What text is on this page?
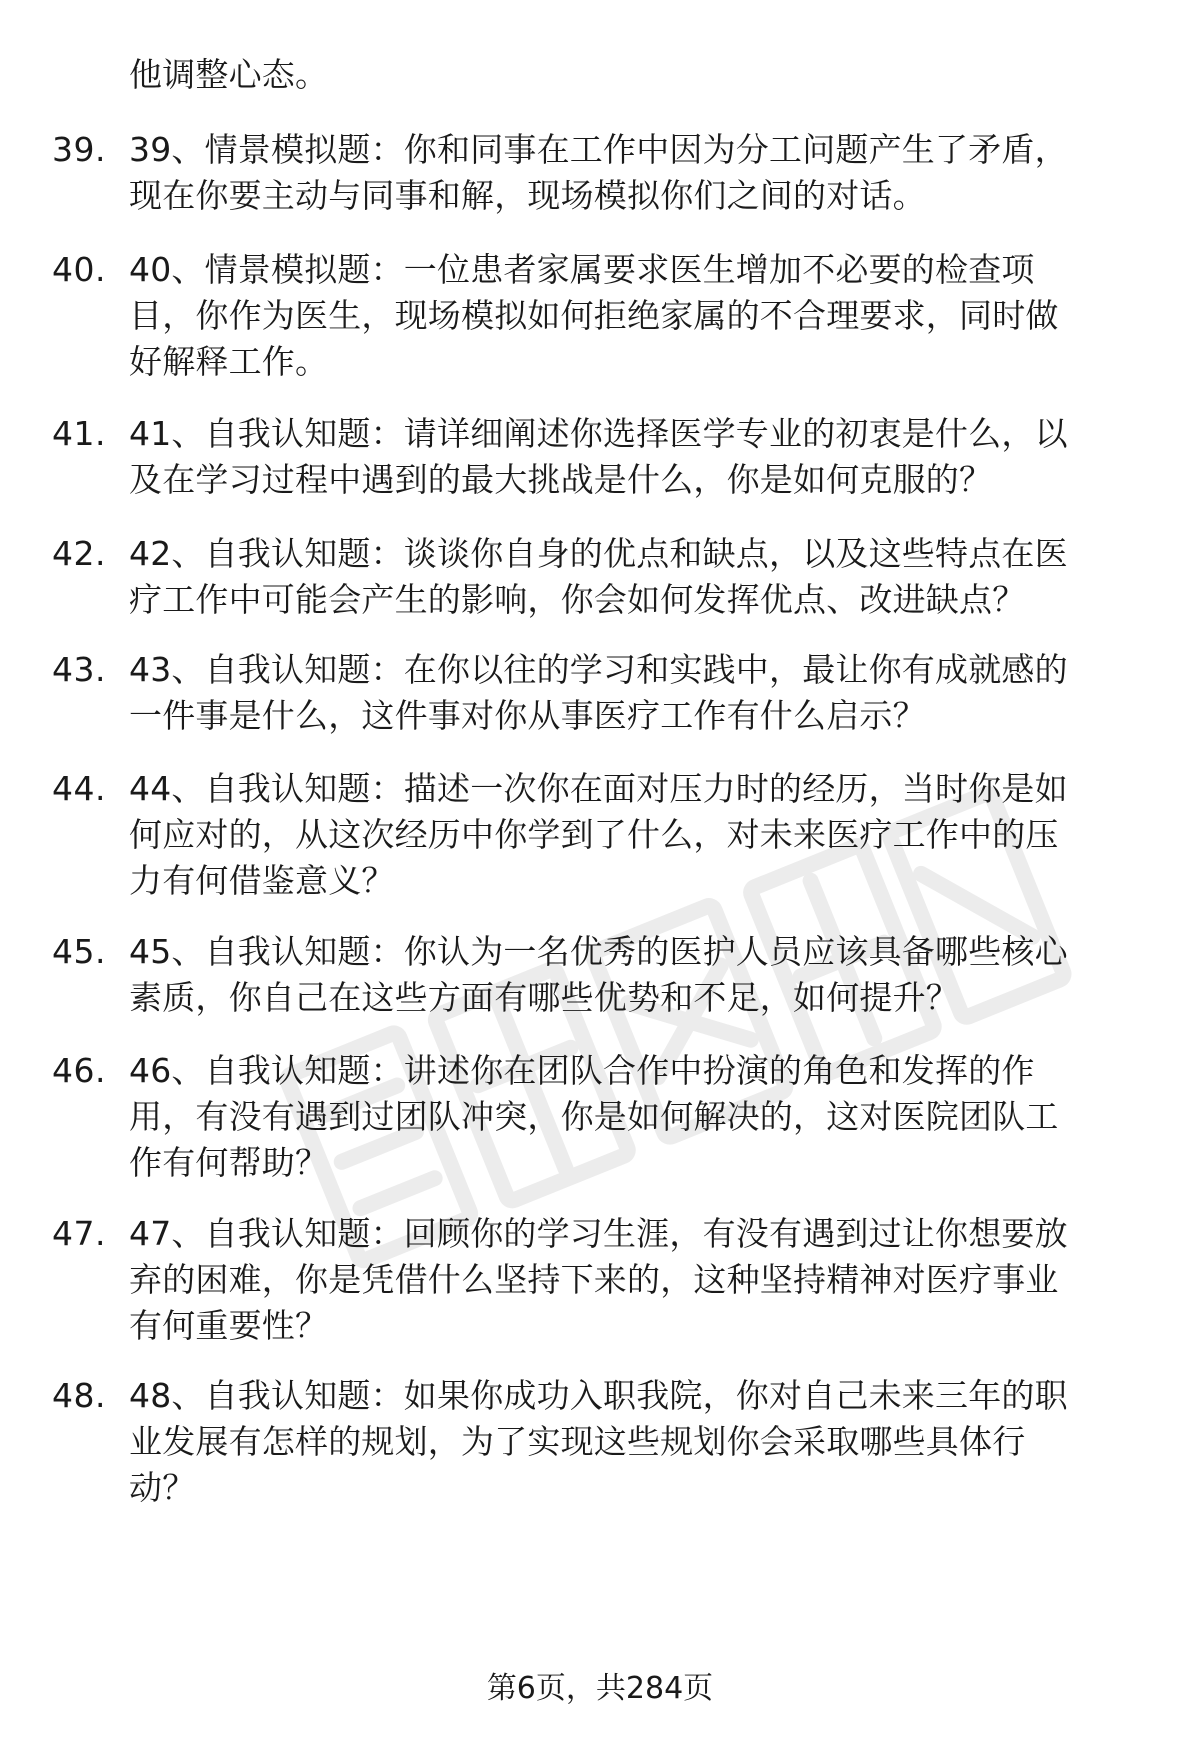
他调整心态。
39. 39、情景模拟题：你和同事在工作中因为分工问题产生了矛盾，
现在你要主动与同事和解，现场模拟你们之间的对话。
40. 40、情景模拟题：一位患者家属要求医生增加不必要的检查项
目，你作为医生，现场模拟如何拒绝家属的不合理要求，同时做
好解释工作。
41. 41、自我认知题：请详细阐述你选择医学专业的初衷是什么，以
及在学习过程中遇到的最大挑战是什么，你是如何克服的？
42. 42、自我认知题：谈谈你自身的优点和缺点，以及这些特点在医
疗工作中可能会产生的影响，你会如何发挥优点、改进缺点？
43. 43、自我认知题：在你以往的学习和实践中，最让你有成就感的
一件事是什么，这件事对你从事医疗工作有什么启示？
44. 44、自我认知题：描述一次你在面对压力时的经历，当时你是如
何应对的，从这次经历中你学到了什么，对未来医疗工作中的压
力有何借鉴意义？
45. 45、自我认知题：你认为一名优秀的医护人员应该具备哪些核心
素质，你自己在这些方面有哪些优势和不足，如何提升？
46. 46、自我认知题：讲述你在团队合作中扮演的角色和发挥的作
用，有没有遇到过团队冲突，你是如何解决的，这对医院团队工
作有何帮助？
47. 47、自我认知题：回顾你的学习生涯，有没有遇到过让你想要放
弃的困难，你是凭借什么坚持下来的，这种坚持精神对医疗事业
有何重要性？
48. 48、自我认知题：如果你成功入职我院，你对自己未来三年的职
业发展有怎样的规划，为了实现这些规划你会采取哪些具体行
动？
第6页，共284页
